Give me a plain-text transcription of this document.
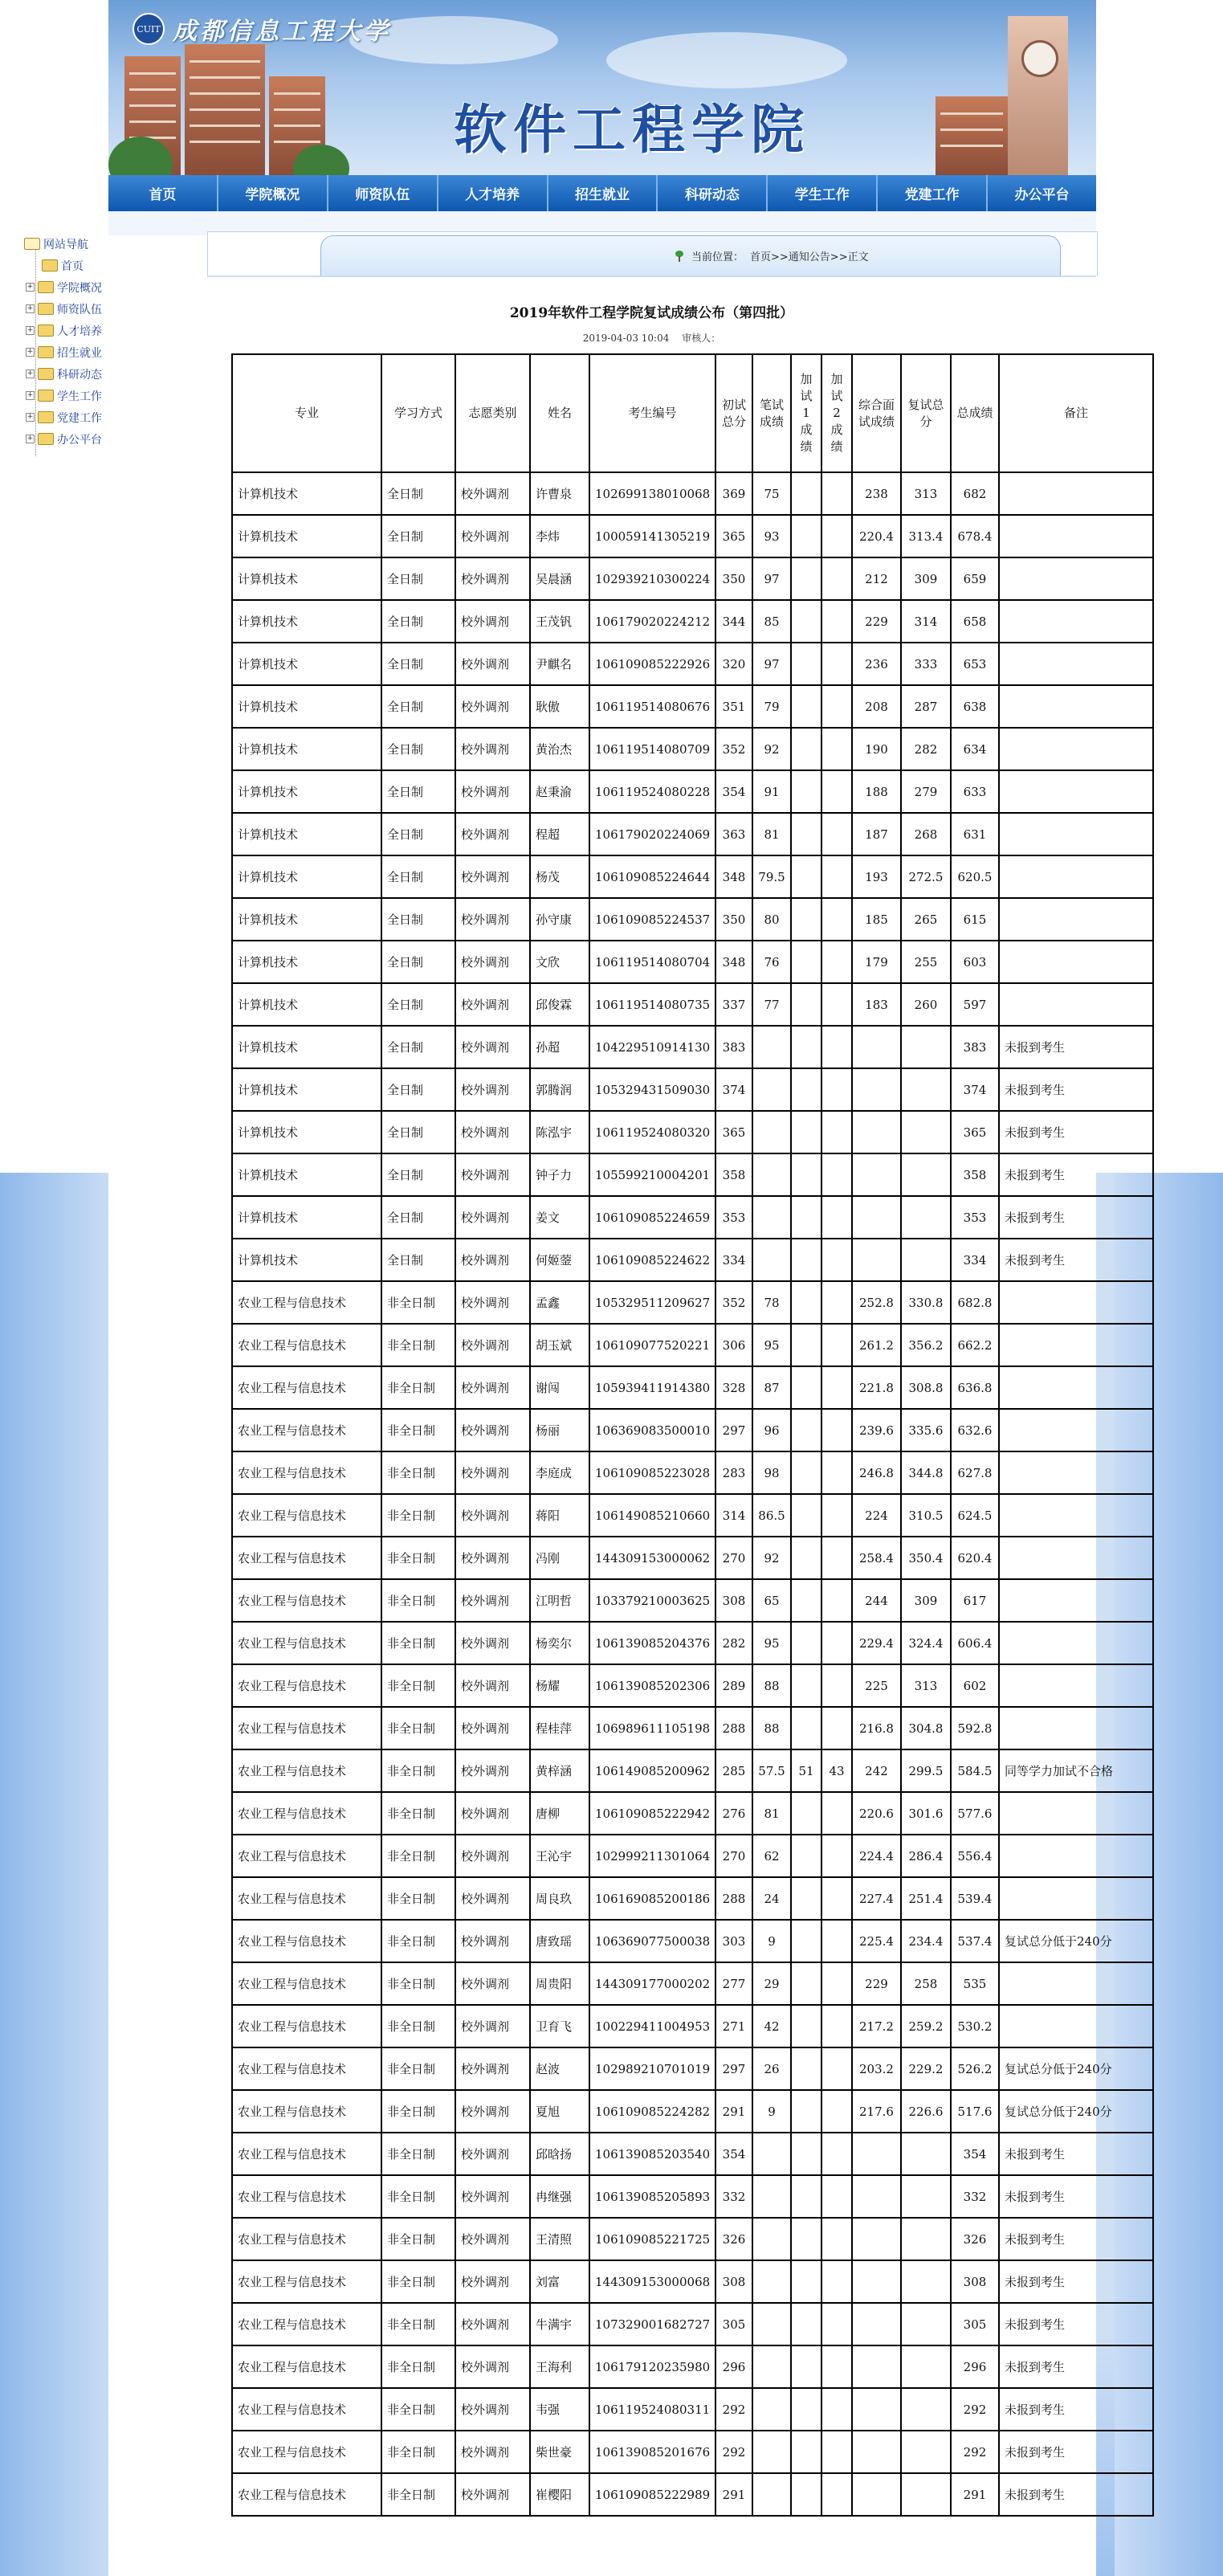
CUIT 成都信息工程大学
软件工程学院
首页	学院概况	师资队伍	人才培养	招生就业	科研动态	学生工作	党建工作	办公平台
当前位置： 首页>>通知公告>>正文
2019年软件工程学院复试成绩公布（第四批）
2019-04-03 10:04 审核人：
专业	学习方式	志愿类别	姓名	考生编号	初试总分	笔试成绩	加试1成绩	加试2成绩	综合面试成绩	复试总分	总成绩	备注
计算机技术	全日制	校外调剂	许曹泉	102699138010068	369	75			238	313	682	
计算机技术	全日制	校外调剂	李炜	100059141305219	365	93			220.4	313.4	678.4	
计算机技术	全日制	校外调剂	吴晨涵	102939210300224	350	97			212	309	659	
计算机技术	全日制	校外调剂	王茂钒	106179020224212	344	85			229	314	658	
计算机技术	全日制	校外调剂	尹麒名	106109085222926	320	97			236	333	653	
计算机技术	全日制	校外调剂	耿傲	106119514080676	351	79			208	287	638	
计算机技术	全日制	校外调剂	黄治杰	106119514080709	352	92			190	282	634	
计算机技术	全日制	校外调剂	赵秉渝	106119524080228	354	91			188	279	633	
计算机技术	全日制	校外调剂	程超	106179020224069	363	81			187	268	631	
计算机技术	全日制	校外调剂	杨茂	106109085224644	348	79.5			193	272.5	620.5	
计算机技术	全日制	校外调剂	孙守康	106109085224537	350	80			185	265	615	
计算机技术	全日制	校外调剂	文欣	106119514080704	348	76			179	255	603	
计算机技术	全日制	校外调剂	邱俊霖	106119514080735	337	77			183	260	597	
计算机技术	全日制	校外调剂	孙超	104229510914130	383						383	未报到考生
计算机技术	全日制	校外调剂	郭腾润	105329431509030	374						374	未报到考生
计算机技术	全日制	校外调剂	陈泓宇	106119524080320	365						365	未报到考生
计算机技术	全日制	校外调剂	钟子力	105599210004201	358						358	未报到考生
计算机技术	全日制	校外调剂	姜文	106109085224659	353						353	未报到考生
计算机技术	全日制	校外调剂	何姬蓥	106109085224622	334						334	未报到考生
农业工程与信息技术	非全日制	校外调剂	孟鑫	105329511209627	352	78			252.8	330.8	682.8	
农业工程与信息技术	非全日制	校外调剂	胡玉斌	106109077520221	306	95			261.2	356.2	662.2	
农业工程与信息技术	非全日制	校外调剂	谢闯	105939411914380	328	87			221.8	308.8	636.8	
农业工程与信息技术	非全日制	校外调剂	杨丽	106369083500010	297	96			239.6	335.6	632.6	
农业工程与信息技术	非全日制	校外调剂	李庭成	106109085223028	283	98			246.8	344.8	627.8	
农业工程与信息技术	非全日制	校外调剂	蒋阳	106149085210660	314	86.5			224	310.5	624.5	
农业工程与信息技术	非全日制	校外调剂	冯刚	144309153000062	270	92			258.4	350.4	620.4	
农业工程与信息技术	非全日制	校外调剂	江明哲	103379210003625	308	65			244	309	617	
农业工程与信息技术	非全日制	校外调剂	杨奕尔	106139085204376	282	95			229.4	324.4	606.4	
农业工程与信息技术	非全日制	校外调剂	杨耀	106139085202306	289	88			225	313	602	
农业工程与信息技术	非全日制	校外调剂	程桂萍	106989611105198	288	88			216.8	304.8	592.8	
农业工程与信息技术	非全日制	校外调剂	黄梓涵	106149085200962	285	57.5	51	43	242	299.5	584.5	同等学力加试不合格
农业工程与信息技术	非全日制	校外调剂	唐柳	106109085222942	276	81			220.6	301.6	577.6	
农业工程与信息技术	非全日制	校外调剂	王沁宇	102999211301064	270	62			224.4	286.4	556.4	
农业工程与信息技术	非全日制	校外调剂	周良玖	106169085200186	288	24			227.4	251.4	539.4	
农业工程与信息技术	非全日制	校外调剂	唐致瑶	106369077500038	303	9			225.4	234.4	537.4	复试总分低于240分
农业工程与信息技术	非全日制	校外调剂	周贵阳	144309177000202	277	29			229	258	535	
农业工程与信息技术	非全日制	校外调剂	卫育飞	100229411004953	271	42			217.2	259.2	530.2	
农业工程与信息技术	非全日制	校外调剂	赵波	102989210701019	297	26			203.2	229.2	526.2	复试总分低于240分
农业工程与信息技术	非全日制	校外调剂	夏旭	106109085224282	291	9			217.6	226.6	517.6	复试总分低于240分
农业工程与信息技术	非全日制	校外调剂	邱晗扬	106139085203540	354						354	未报到考生
农业工程与信息技术	非全日制	校外调剂	冉继强	106139085205893	332						332	未报到考生
农业工程与信息技术	非全日制	校外调剂	王清照	106109085221725	326						326	未报到考生
农业工程与信息技术	非全日制	校外调剂	刘富	144309153000068	308						308	未报到考生
农业工程与信息技术	非全日制	校外调剂	牛满宇	107329001682727	305						305	未报到考生
农业工程与信息技术	非全日制	校外调剂	王海利	106179120235980	296						296	未报到考生
农业工程与信息技术	非全日制	校外调剂	韦强	106119524080311	292						292	未报到考生
农业工程与信息技术	非全日制	校外调剂	柴世豪	106139085201676	292						292	未报到考生
农业工程与信息技术	非全日制	校外调剂	崔樱阳	106109085222989	291						291	未报到考生
网站导航
首页
+ 学院概况
+ 师资队伍
+ 人才培养
+ 招生就业
+ 科研动态
+ 学生工作
+ 党建工作
+ 办公平台
